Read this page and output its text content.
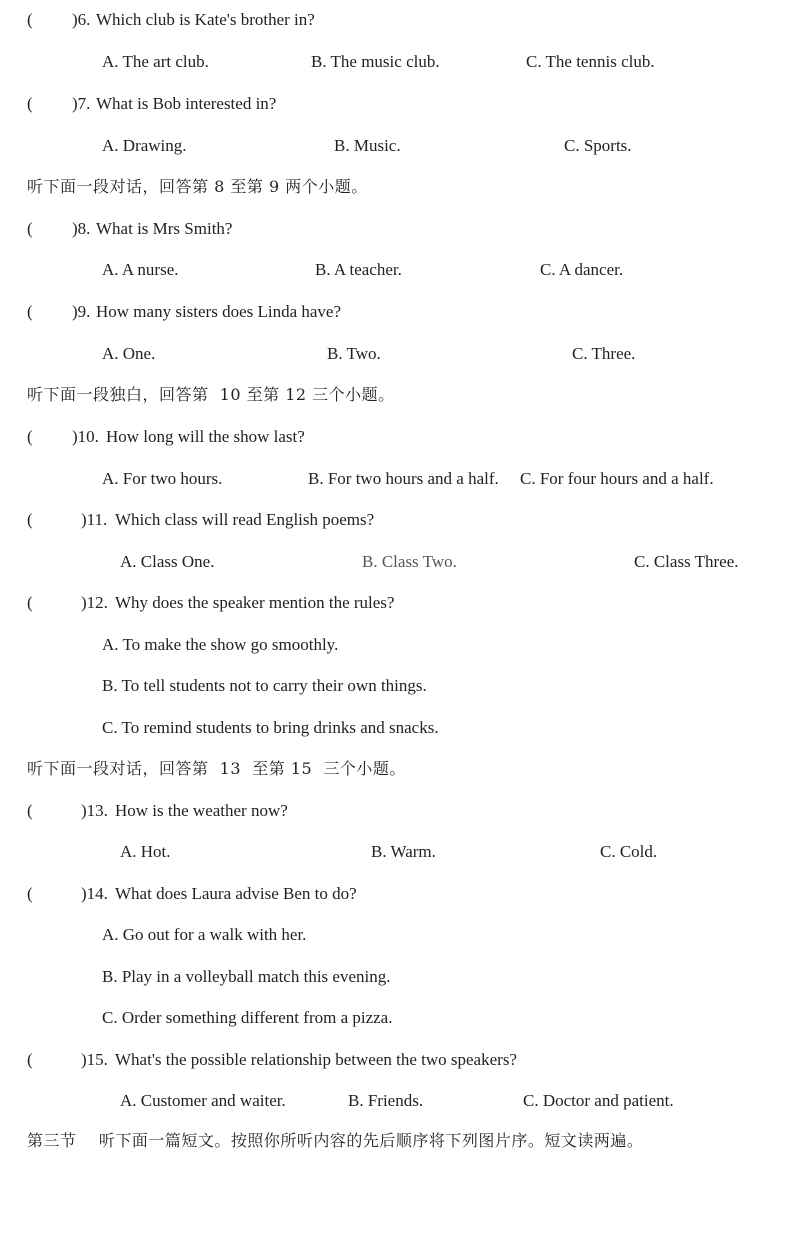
( )6. Which club is Kate's brother in?
A. The art club.	B. The music club.	C. The tennis club.
( )7. What is Bob interested in?
A. Drawing.	B. Music.	C. Sports.
听下面一段对话，回答第 8 至第 9 两个小题。
( )8. What is Mrs Smith?
A. A nurse.	B. A teacher.	C. A dancer.
( )9. How many sisters does Linda have?
A. One.	B. Two.	C. Three.
听下面一段独白，回答第  10 至第 12 三个小题。
( )10. How long will the show last?
A. For two hours.	B. For two hours and a half. C. For four hours and a half.
(	)11. Which class will read English poems?
A. Class One.	B. Class Two.	C. Class Three.
(	)12. Why does the speaker mention the rules?
A. To make the show go smoothly.
B. To tell students not to carry their own things.
C. To remind students to bring drinks and snacks.
听下面一段对话，回答第  13  至第 15  三个小题。
(	)13. How is the weather now?
A. Hot.	B. Warm.	C. Cold.
(	)14. What does Laura advise Ben to do?
A. Go out for a walk with her.
B. Play in a volleyball match this evening.
C. Order something different from a pizza.
(	)15. What's the possible relationship between the two speakers?
A. Customer and waiter.	B. Friends.	C. Doctor and patient.
第三节    听下面一篇短文。按照你所听内容的先后顺序将下列图片序。短文读两遍。
